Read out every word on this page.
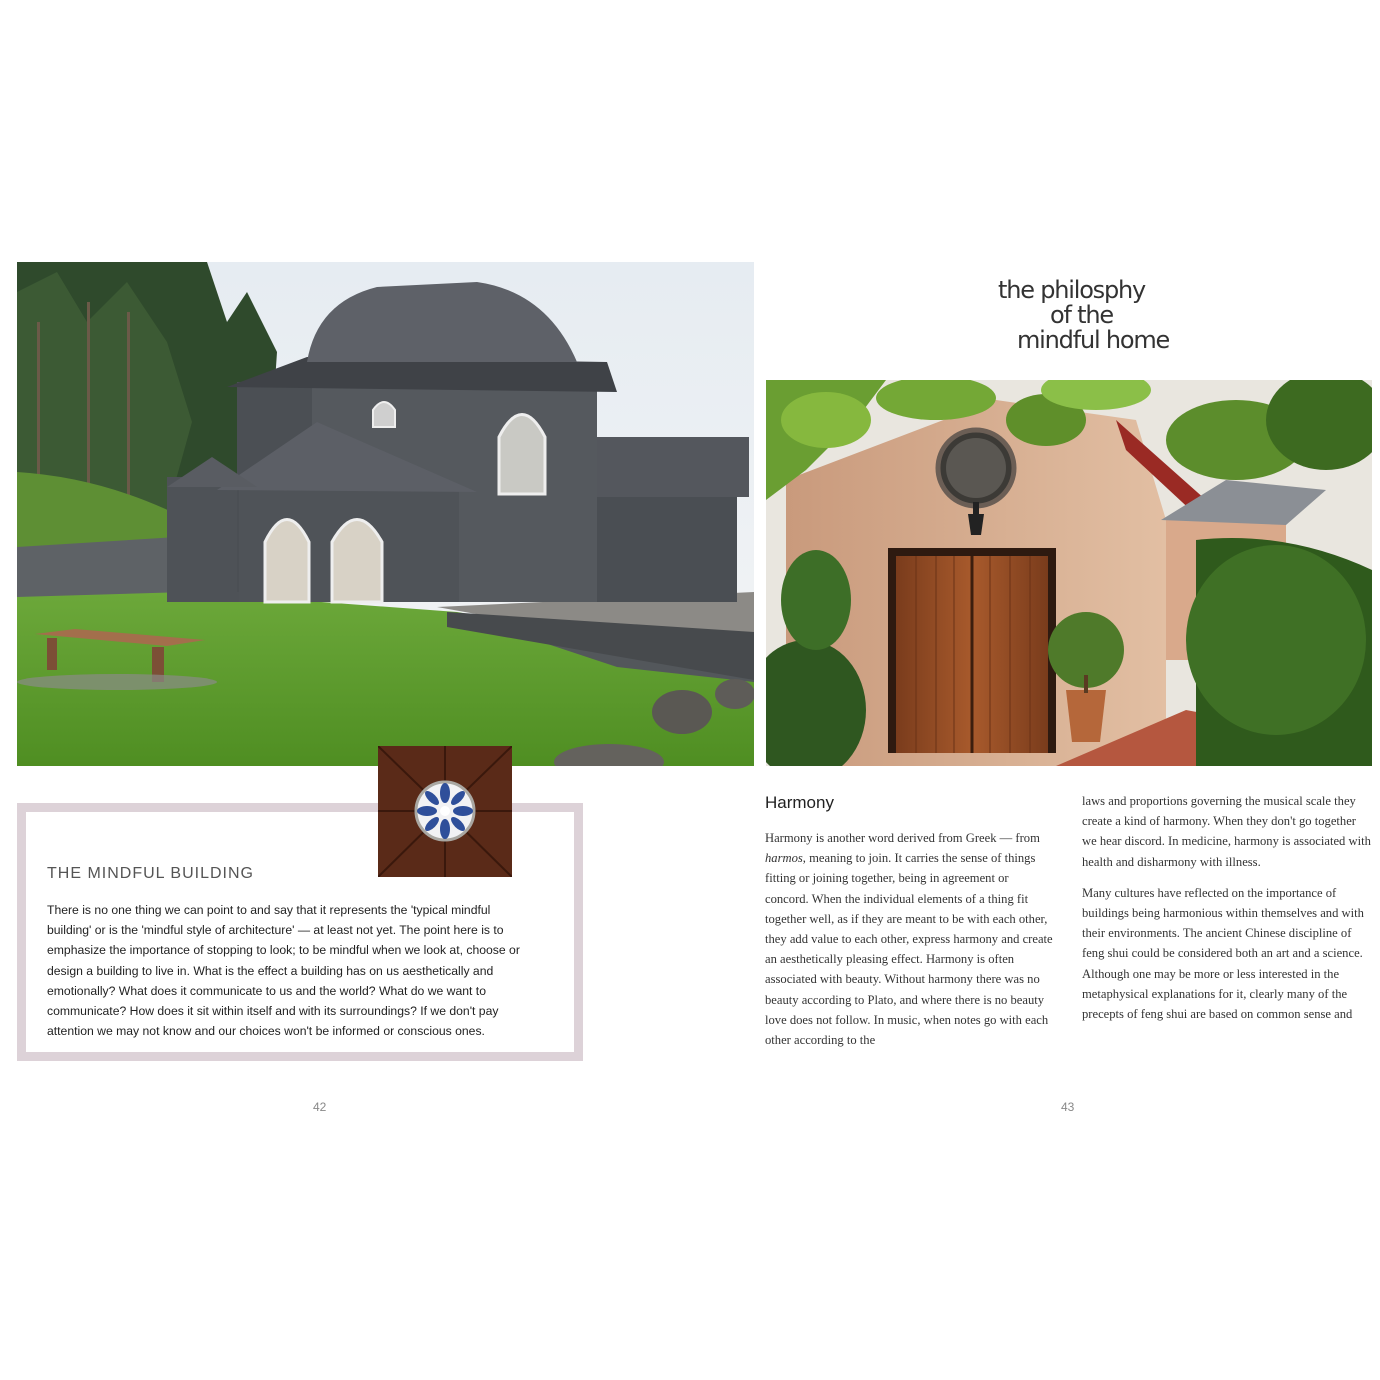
THE MINDFUL BUILDING

There is no one thing we can point to and say that it represents the 'typical mindful building' or is the 'mindful style of architecture' — at least not yet. The point here is to emphasize the importance of stopping to look; to be mindful when we look at, choose or design a building to live in. What is the effect a building has on us aesthetically and emotionally? What does it communicate to us and the world? What do we want to communicate? How does it sit within itself and with its surroundings? If we don't pay attention we may not know and our choices won't be informed or conscious ones.

42
the philosphy
of the
mindful home
Harmony

Harmony is another word derived from Greek — from harmos, meaning to join. It carries the sense of things fitting or joining together, being in agreement or concord. When the individual elements of a thing fit together well, as if they are meant to be with each other, they add value to each other, express harmony and create an aesthetically pleasing effect. Harmony is often associated with beauty. Without harmony there was no beauty according to Plato, and where there is no beauty love does not follow. In music, when notes go with each other according to the

laws and proportions governing the musical scale they create a kind of harmony. When they don't go together we hear discord. In medicine, harmony is associated with health and disharmony with illness.

Many cultures have reflected on the importance of buildings being harmonious within themselves and with their environments. The ancient Chinese discipline of feng shui could be considered both an art and a science. Although one may be more or less interested in the metaphysical explanations for it, clearly many of the precepts of feng shui are based on common sense and

43
